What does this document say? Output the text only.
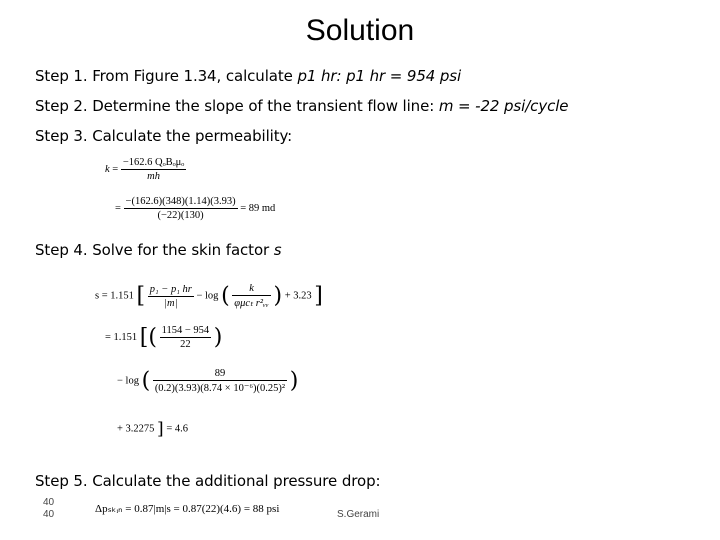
Solution
Step 1. From Figure 1.34, calculate p1 hr: p1 hr = 954 psi
Step 2. Determine the slope of the transient flow line: m = -22 psi/cycle
Step 3. Calculate the permeability:
$k = \frac{\text{−162.6 QₒBₒμₒ}}{mh}$
= $\frac{-(162.6)(348)(1.14)(3.93)}{(-22)(130)} = 89$ md
Step 4. Solve for the skin factor s
s = 1.151 [ $\frac{\text{p₁ − p₁ hr}}{|m|} - \log$ ( $\frac{k}{\text{φμcₜ r²ᵥᵥ}}$ ) + 3.23 ]
= 1.151 [( $\frac{1154 - 954}{22}$ )
− log ( $\frac{89}{\text{(0.2)(3.93)(8.74 × 10⁻⁶)(0.25)²}}$ )
+ 3.2275 ] = 4.6
Step 5. Calculate the additional pressure drop:
Δpₛₖᵢₙ = 0.87|m|s = 0.87(22)(4.6) = 88 psi
40
40	S.Gerami
